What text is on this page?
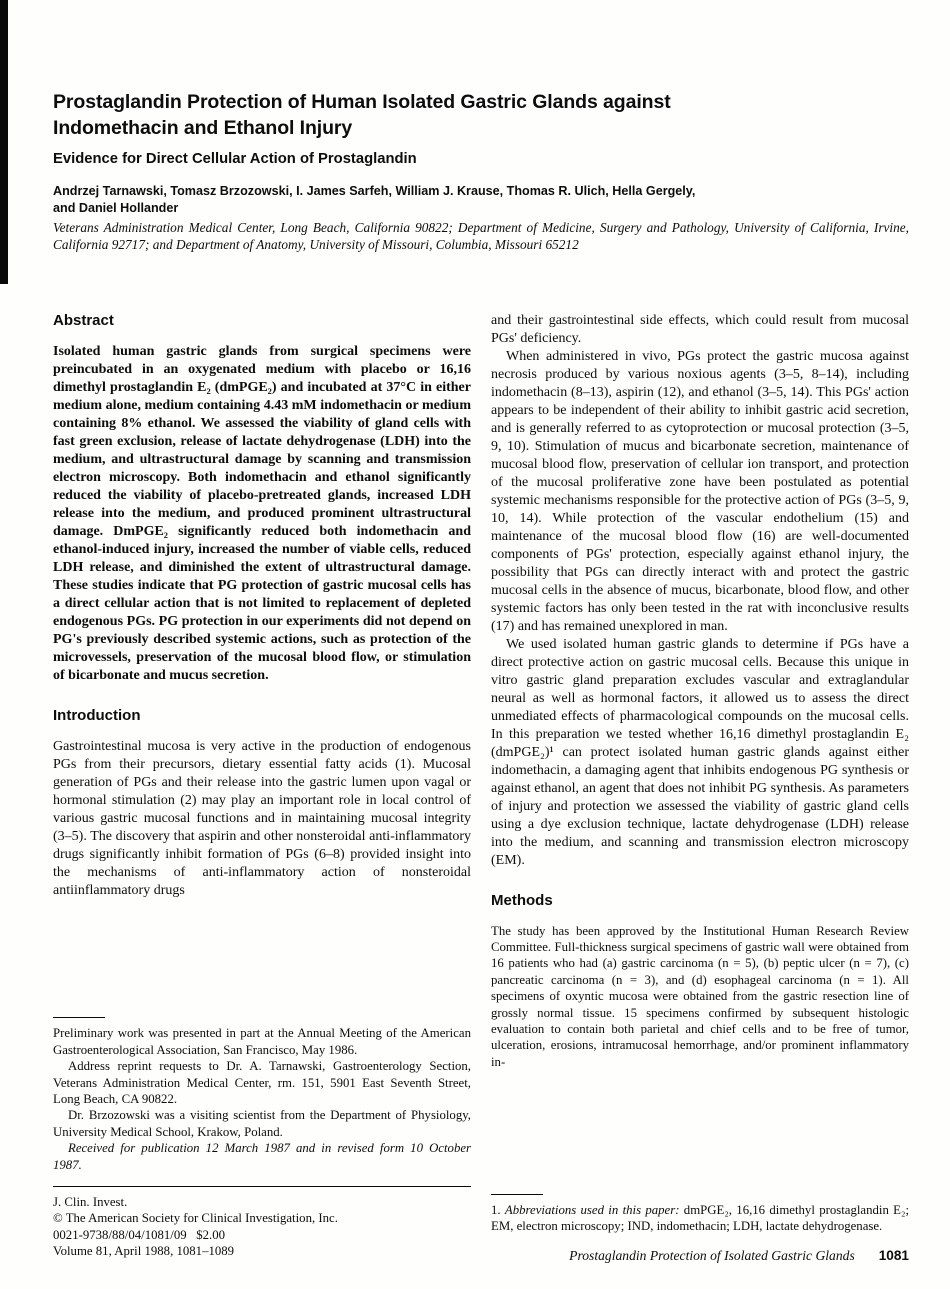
Prostaglandin Protection of Human Isolated Gastric Glands against Indomethacin and Ethanol Injury
Evidence for Direct Cellular Action of Prostaglandin
Andrzej Tarnawski, Tomasz Brzozowski, I. James Sarfeh, William J. Krause, Thomas R. Ulich, Hella Gergely, and Daniel Hollander
Veterans Administration Medical Center, Long Beach, California 90822; Department of Medicine, Surgery and Pathology, University of California, Irvine, California 92717; and Department of Anatomy, University of Missouri, Columbia, Missouri 65212
Abstract

Isolated human gastric glands from surgical specimens were preincubated in an oxygenated medium with placebo or 16,16 dimethyl prostaglandin E₂ (dmPGE₂) and incubated at 37°C in either medium alone, medium containing 4.43 mM indomethacin or medium containing 8% ethanol. We assessed the viability of gland cells with fast green exclusion, release of lactate dehydrogenase (LDH) into the medium, and ultrastructural damage by scanning and transmission electron microscopy. Both indomethacin and ethanol significantly reduced the viability of placebo-pretreated glands, increased LDH release into the medium, and produced prominent ultrastructural damage. DmPGE₂ significantly reduced both indomethacin and ethanol-induced injury, increased the number of viable cells, reduced LDH release, and diminished the extent of ultrastructural damage. These studies indicate that PG protection of gastric mucosal cells has a direct cellular action that is not limited to replacement of depleted endogenous PGs. PG protection in our experiments did not depend on PG's previously described systemic actions, such as protection of the microvessels, preservation of the mucosal blood flow, or stimulation of bicarbonate and mucus secretion.

Introduction

Gastrointestinal mucosa is very active in the production of endogenous PGs from their precursors, dietary essential fatty acids (1). Mucosal generation of PGs and their release into the gastric lumen upon vagal or hormonal stimulation (2) may play an important role in local control of various gastric mucosal functions and in maintaining mucosal integrity (3–5). The discovery that aspirin and other nonsteroidal anti-inflammatory drugs significantly inhibit formation of PGs (6–8) provided insight into the mechanisms of anti-inflammatory action of nonsteroidal antiinflammatory drugs

Preliminary work was presented in part at the Annual Meeting of the American Gastroenterological Association, San Francisco, May 1986.

Address reprint requests to Dr. A. Tarnawski, Gastroenterology Section, Veterans Administration Medical Center, rm. 151, 5901 East Seventh Street, Long Beach, CA 90822.

Dr. Brzozowski was a visiting scientist from the Department of Physiology, University Medical School, Krakow, Poland.

Received for publication 12 March 1987 and in revised form 10 October 1987.

J. Clin. Invest.

© The American Society for Clinical Investigation, Inc.

0021-9738/88/04/1081/09   $2.00

Volume 81, April 1988, 1081–1089

and their gastrointestinal side effects, which could result from mucosal PGs' deficiency.

When administered in vivo, PGs protect the gastric mucosa against necrosis produced by various noxious agents (3–5, 8–14), including indomethacin (8–13), aspirin (12), and ethanol (3–5, 14). This PGs' action appears to be independent of their ability to inhibit gastric acid secretion, and is generally referred to as cytoprotection or mucosal protection (3–5, 9, 10). Stimulation of mucus and bicarbonate secretion, maintenance of mucosal blood flow, preservation of cellular ion transport, and protection of the mucosal proliferative zone have been postulated as potential systemic mechanisms responsible for the protective action of PGs (3–5, 9, 10, 14). While protection of the vascular endothelium (15) and maintenance of the mucosal blood flow (16) are well-documented components of PGs' protection, especially against ethanol injury, the possibility that PGs can directly interact with and protect the gastric mucosal cells in the absence of mucus, bicarbonate, blood flow, and other systemic factors has only been tested in the rat with inconclusive results (17) and has remained unexplored in man.

We used isolated human gastric glands to determine if PGs have a direct protective action on gastric mucosal cells. Because this unique in vitro gastric gland preparation excludes vascular and extraglandular neural as well as hormonal factors, it allowed us to assess the direct unmediated effects of pharmacological compounds on the mucosal cells. In this preparation we tested whether 16,16 dimethyl prostaglandin E₂ (dmPGE₂)¹ can protect isolated human gastric glands against either indomethacin, a damaging agent that inhibits endogenous PG synthesis or against ethanol, an agent that does not inhibit PG synthesis. As parameters of injury and protection we assessed the viability of gastric gland cells using a dye exclusion technique, lactate dehydrogenase (LDH) release into the medium, and scanning and transmission electron microscopy (EM).

Methods

The study has been approved by the Institutional Human Research Review Committee. Full-thickness surgical specimens of gastric wall were obtained from 16 patients who had (a) gastric carcinoma (n = 5), (b) peptic ulcer (n = 7), (c) pancreatic carcinoma (n = 3), and (d) esophageal carcinoma (n = 1). All specimens of oxyntic mucosa were obtained from the gastric resection line of grossly normal tissue. 15 specimens confirmed by subsequent histologic evaluation to contain both parietal and chief cells and to be free of tumor, ulceration, erosions, intramucosal hemorrhage, and/or prominent inflammatory in-

1. Abbreviations used in this paper: dmPGE₂, 16,16 dimethyl prostaglandin E₂; EM, electron microscopy; IND, indomethacin; LDH, lactate dehydrogenase.

Prostaglandin Protection of Isolated Gastric Glands 1081
